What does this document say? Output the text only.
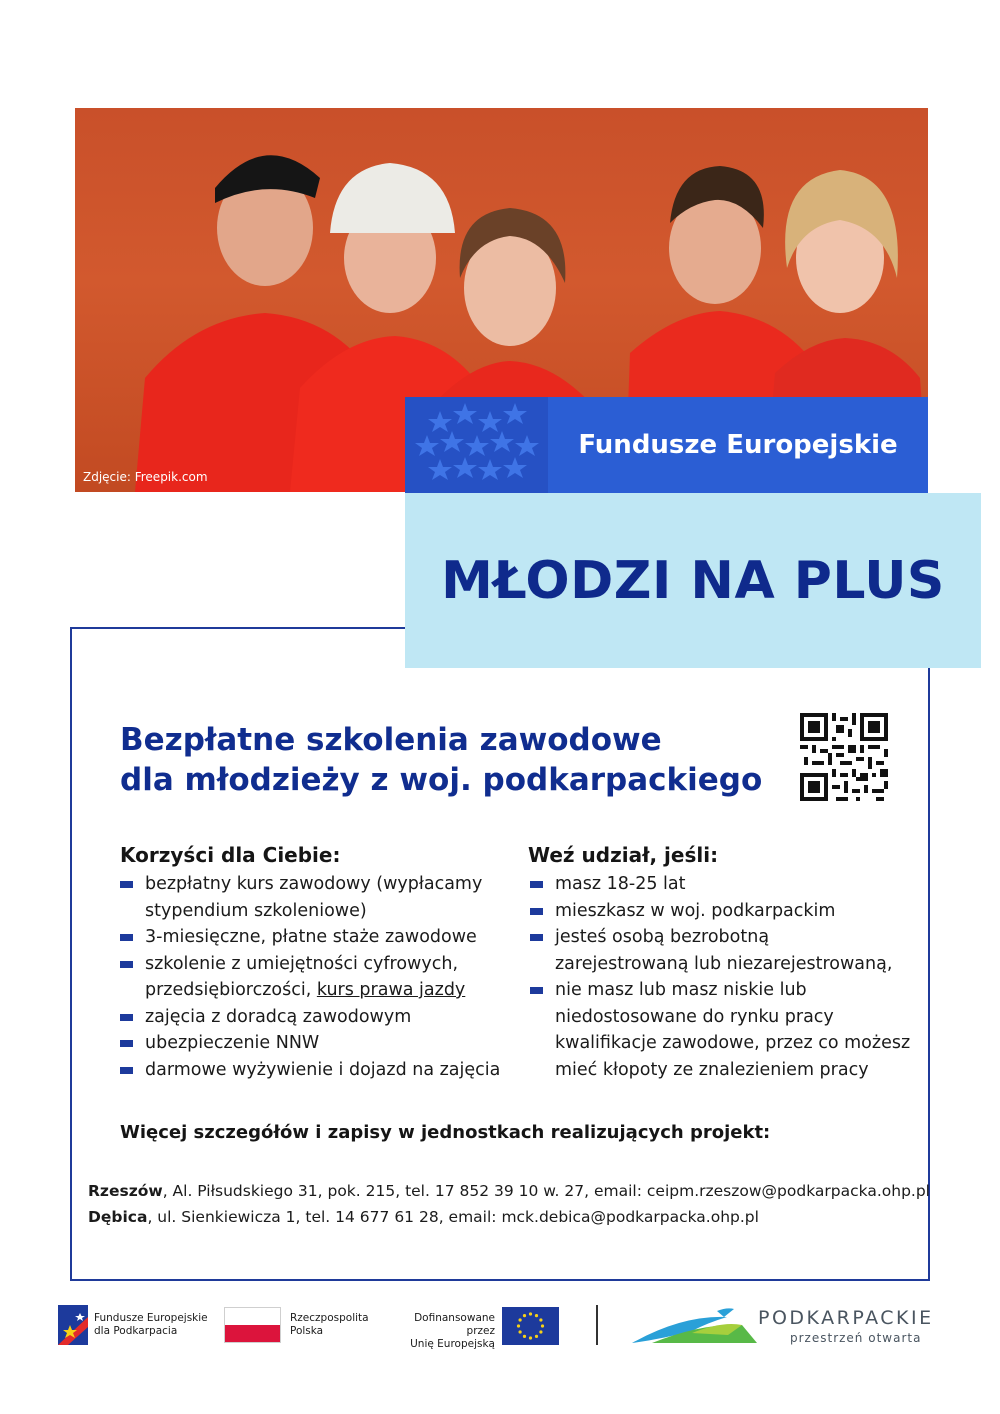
Zdjęcie: Freepik.com
Fundusze Europejskie
MŁODZI NA PLUS
Bezpłatne szkolenia zawodowe
dla młodzieży z woj. podkarpackiego
Korzyści dla Ciebie:
bezpłatny kurs zawodowy (wypłacamy
stypendium szkoleniowe)
3-miesięczne, płatne staże zawodowe
szkolenie z umiejętności cyfrowych,
przedsiębiorczości, kurs prawa jazdy
zajęcia z doradcą zawodowym
ubezpieczenie NNW
darmowe wyżywienie i dojazd na zajęcia
Weź udział, jeśli:
masz 18-25 lat
mieszkasz w woj. podkarpackim
jesteś osobą bezrobotną
zarejestrowaną lub niezarejestrowaną,
nie masz lub masz niskie lub
niedostosowane do rynku pracy
kwalifikacje zawodowe, przez co możesz
mieć kłopoty ze znalezieniem pracy
Więcej szczegółów i zapisy w jednostkach realizujących projekt:
Rzeszów, Al. Piłsudskiego 31, pok. 215, tel. 17 852 39 10 w. 27, email: ceipm.rzeszow@podkarpacka.ohp.pl
Dębica, ul. Sienkiewicza 1, tel. 14 677 61 28, email: mck.debica@podkarpacka.ohp.pl
Fundusze Europejskie
dla Podkarpacia
Rzeczpospolita
Polska
Dofinansowane przez
Unię Europejską
PODKARPACKIE
przestrzeń otwarta
